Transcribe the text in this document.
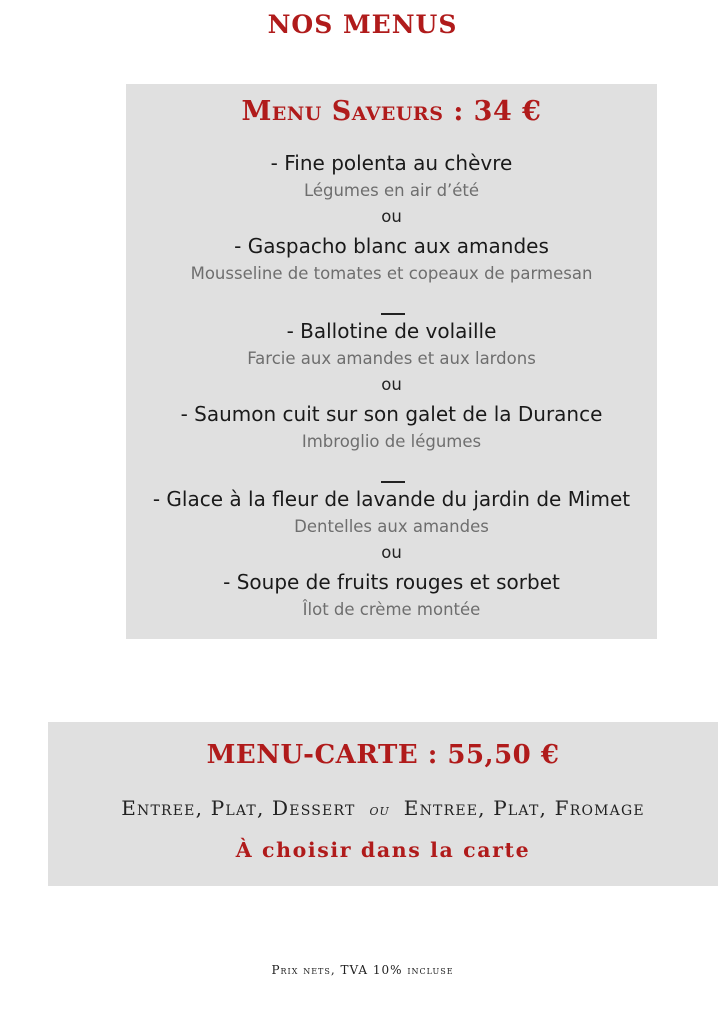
NOS MENUS
Menu Saveurs : 34 €
- Fine polenta au chèvre
Légumes en air d’été
ou
- Gaspacho blanc aux amandes
Mousseline de tomates et copeaux de parmesan
- Ballotine de volaille
Farcie aux amandes et aux lardons
ou
- Saumon cuit sur son galet de la Durance
Imbroglio de légumes
- Glace à la fleur de lavande du jardin de Mimet
Dentelles aux amandes
ou
- Soupe de fruits rouges et sorbet
Îlot de crème montée
MENU-CARTE : 55,50 €
Entree, Plat, Dessert ou Entree, Plat, Fromage
À choisir dans la carte
Prix nets, TVA 10% incluse
